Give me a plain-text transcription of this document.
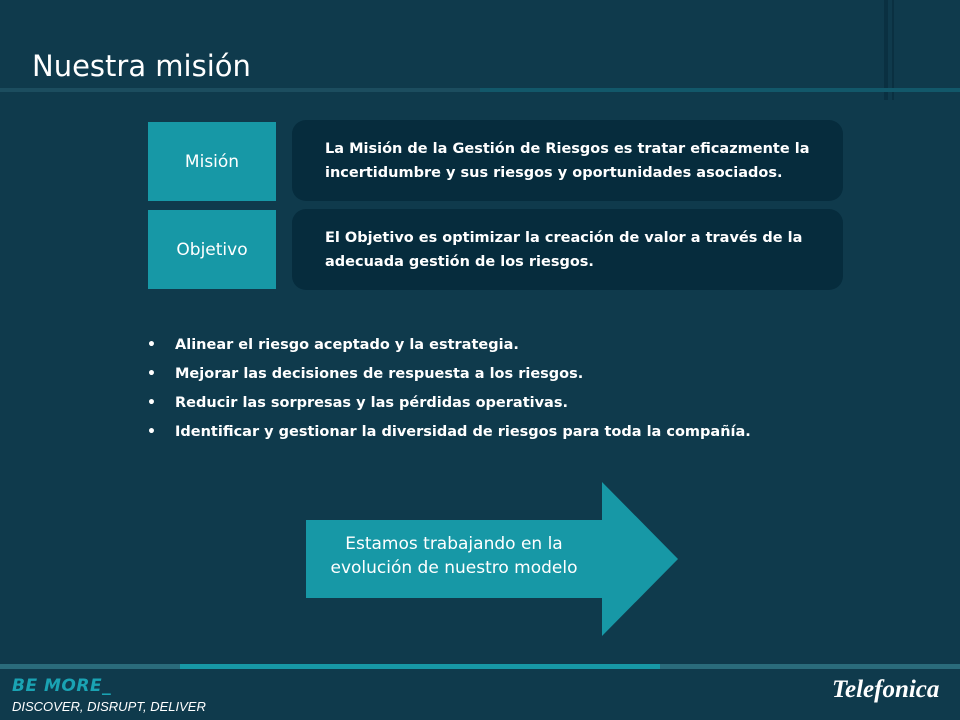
Nuestra misión
Misión
La Misión de la Gestión de Riesgos es tratar eficazmente la incertidumbre y sus riesgos y oportunidades asociados.
Objetivo
El Objetivo es optimizar la creación de valor a través de la adecuada gestión de los riesgos.
• Alinear el riesgo aceptado y la estrategia.
• Mejorar las decisiones de respuesta a los riesgos.
• Reducir las sorpresas y las pérdidas operativas.
• Identificar y gestionar la diversidad de riesgos para toda la compañía.
Estamos trabajando en la
evolución de nuestro modelo
BE MORE_
DISCOVER, DISRUPT, DELIVER
Telefonica
